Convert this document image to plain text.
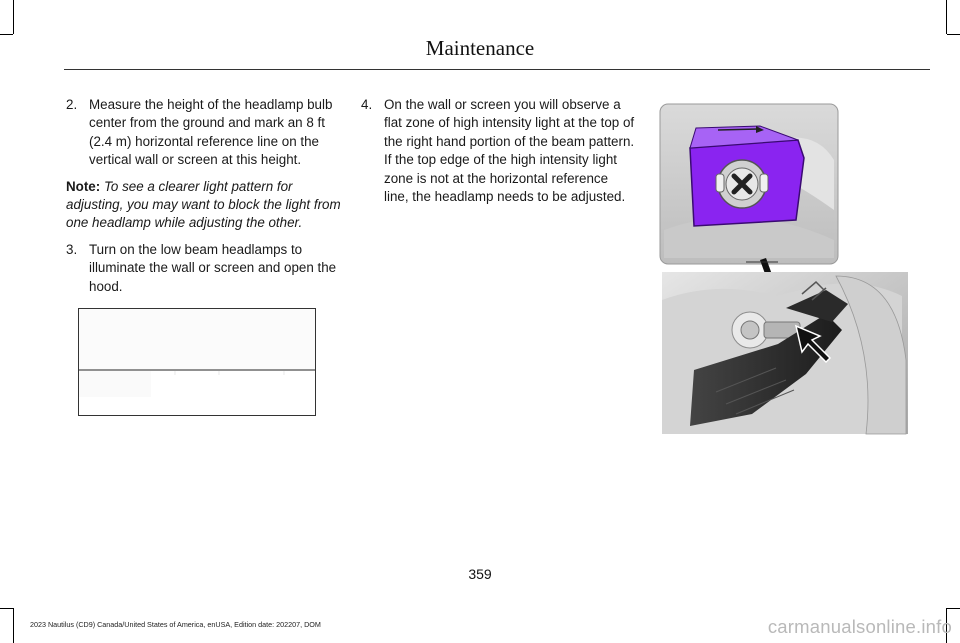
Maintenance
2. Measure the height of the headlamp bulb center from the ground and mark an 8 ft (2.4 m) horizontal reference line on the vertical wall or screen at this height.
Note: To see a clearer light pattern for adjusting, you may want to block the light from one headlamp while adjusting the other.
3. Turn on the low beam headlamps to illuminate the wall or screen and open the hood.
4. On the wall or screen you will observe a flat zone of high intensity light at the top of the right hand portion of the beam pattern. If the top edge of the high intensity light zone is not at the horizontal reference line, the headlamp needs to be adjusted.
359
2023 Nautilus (CD9) Canada/United States of America, enUSA, Edition date: 202207, DOM	carmanualsonline.info
